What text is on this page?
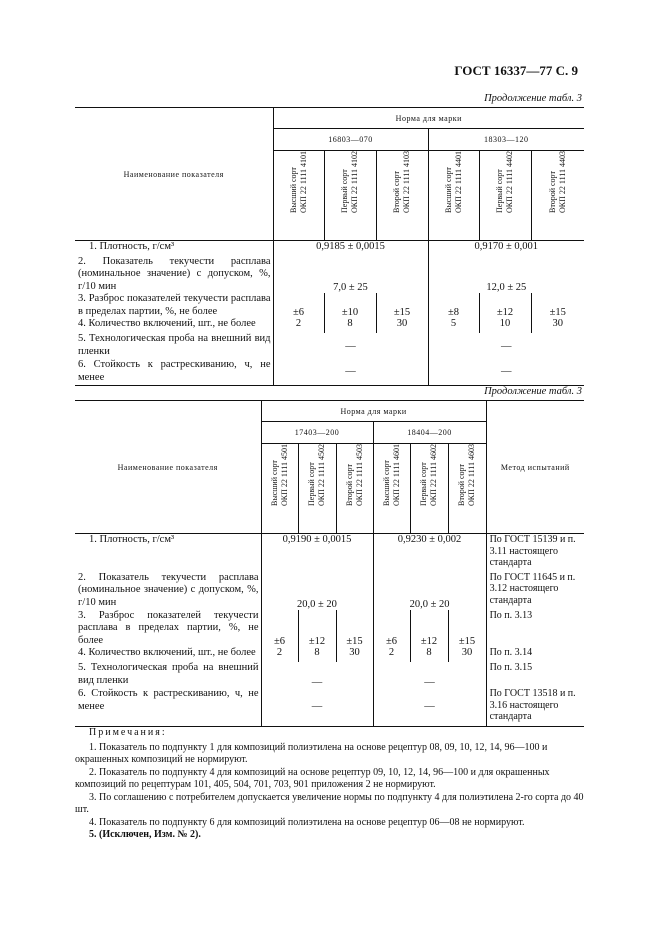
ГОСТ 16337—77 С. 9
Продолжение табл. 3
Наименование показателя	Норма для марки					
	16803—070			18303—120		

	Высший сорт
ОКП 22 1111 4101	Первый сорт
ОКП 22 1111 4102	Второй сорт
ОКП 22 1111 4103	Высший сорт
ОКП 22 1111 4401	Первый сорт
ОКП 22 1111 4402	Второй сорт
ОКП 22 1111 4403

1. Плотность, г/см³	0,9185 ± 0,0015			0,9170 ± 0,001		
2. Показатель текучести расплава (номинальное значение) с допуском, %, г/10 мин	7,0 ± 25			12,0 ± 25		
3. Разброс показателей текучести расплава в пределах партии, %, не более	±6	±10	±15	±8	±12	±15
4. Количество включений, шт., не более	2	8	30	5	10	30
5. Технологическая проба на внешний вид пленки	—			—		
6. Стойкость к растрескиванию, ч, не менее	—			—		
Продолжение табл. 3
Наименование показателя	Норма для марки						Метод испытаний
	17403—200			18404—200			

	Высший сорт
ОКП 22 1111 4501	Первый сорт
ОКП 22 1111 4502	Второй сорт
ОКП 22 1111 4503	Высший сорт
ОКП 22 1111 4601	Первый сорт
ОКП 22 1111 4602	Второй сорт
ОКП 22 1111 4603	

1. Плотность, г/см³	0,9190 ± 0,0015			0,9230 ± 0,002			По ГОСТ 15139 и п. 3.11 настоящего стандарта
2. Показатель текучести расплава (номинальное значение) с допуском, %, г/10 мин	20,0 ± 20			20,0 ± 20			По ГОСТ 11645 и п. 3.12 настоящего стандарта
3. Разброс показателей текучести расплава в пределах партии, %, не более	±6	±12	±15	±6	±12	±15	По п. 3.13
4. Количество включений, шт., не более	2	8	30	2	8	30	По п. 3.14
5. Технологическая проба на внешний вид пленки	—			—			По п. 3.15
6. Стойкость к растрескиванию, ч, не менее	—			—			По ГОСТ 13518 и п. 3.16 настоящего стандарта

Примечания:

1. Показатель по подпункту 1 для композиций полиэтилена на основе рецептур 08, 09, 10, 12, 14, 96—100 и окрашенных композиций не нормируют.

2. Показатель по подпункту 4 для композиций на основе рецептур 09, 10, 12, 14, 96—100 и для окрашенных композиций по рецептурам 101, 405, 504, 701, 703, 901 приложения 2 не нормируют.

3. По соглашению с потребителем допускается увеличение нормы по подпункту 4 для полиэтилена 2-го сорта до 40 шт.

4. Показатель по подпункту 6 для композиций полиэтилена на основе рецептур 06—08 не нормируют.

5. (Исключен, Изм. № 2).
